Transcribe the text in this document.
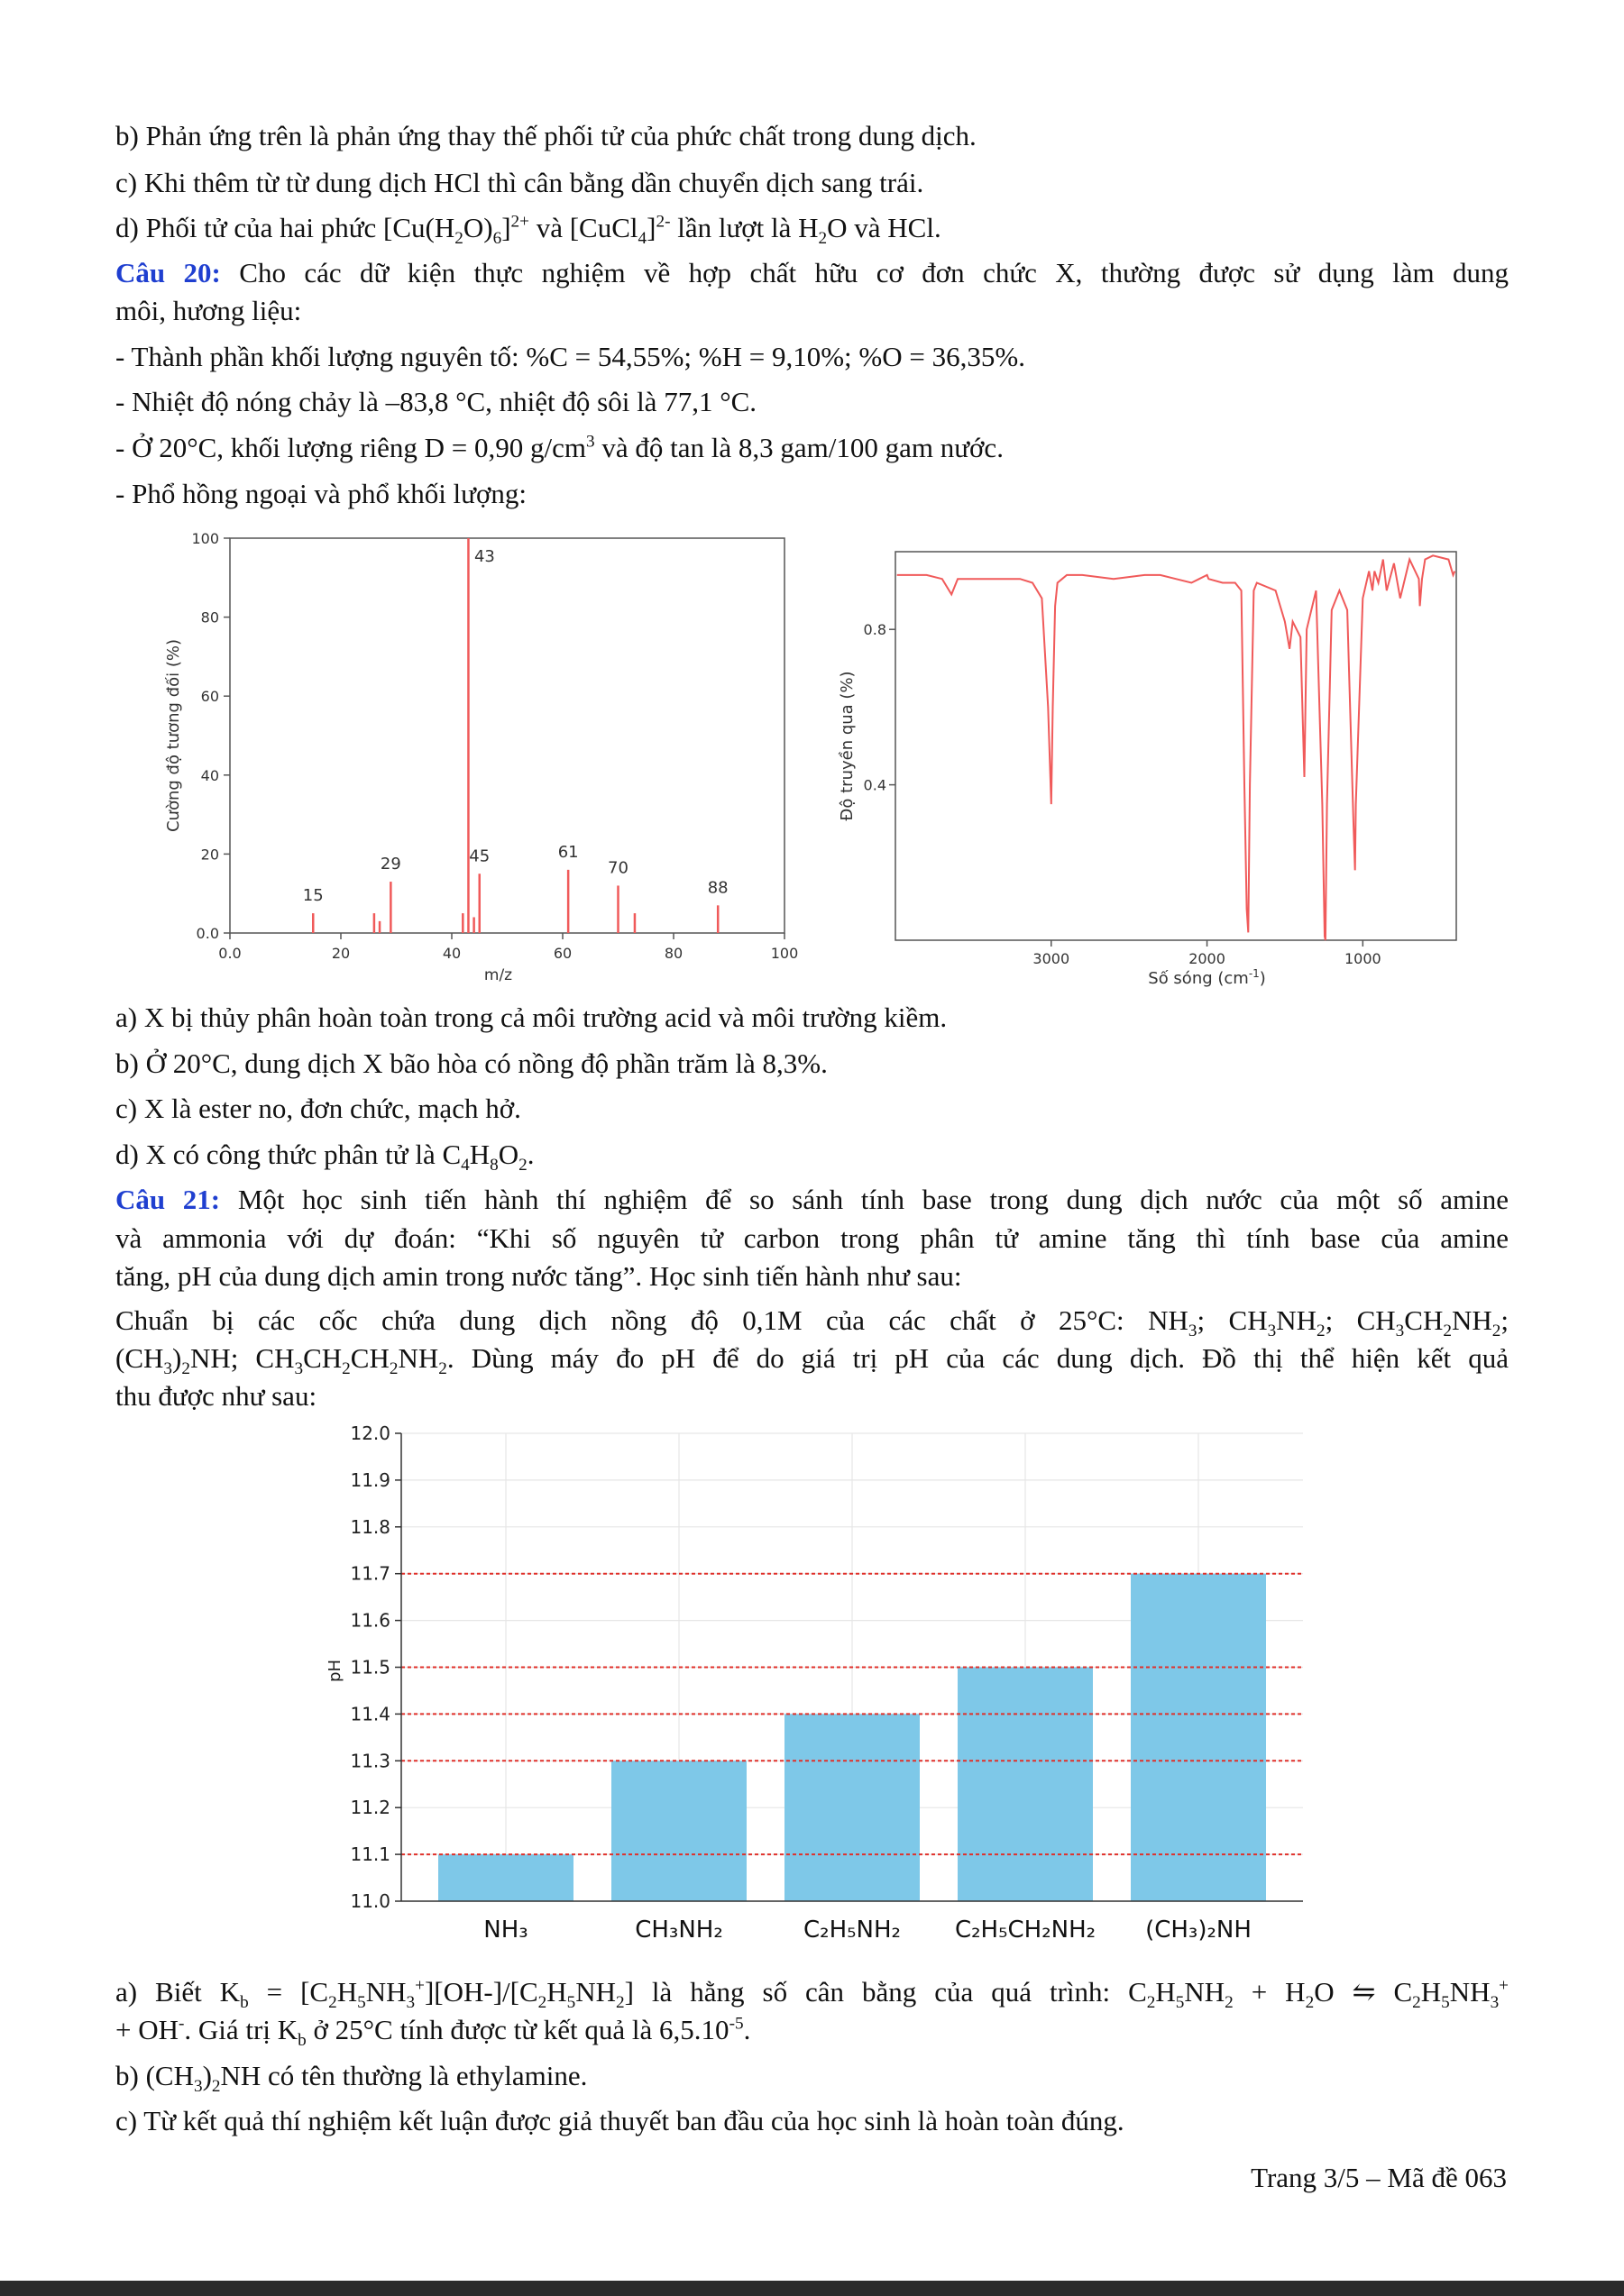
b) Phản ứng trên là phản ứng thay thế phối tử của phức chất trong dung dịch.
c) Khi thêm từ từ dung dịch HCl thì cân bằng dần chuyển dịch sang trái.
d) Phối tử của hai phức $[Cu(H_2O)_6]^{2+}$ và [CuCl$_4$]$^{2-}$ lần lượt là $H_2O$ và HCl.
Câu 20: Cho các dữ kiện thực nghiệm về hợp chất hữu cơ đơn chức X, thường được sử dụng làm dung
môi, hương liệu:
- Thành phần khối lượng nguyên tố: %C = 54,55%; %H = 9,10%; %O = 36,35%.
- Nhiệt độ nóng chảy là –83,8 °C, nhiệt độ sôi là 77,1 °C.
- Ở 20°C, khối lượng riêng D = 0,90 $g/cm^3$ và độ tan là 8,3 gam/100 gam nước.
- Phổ hồng ngoại và phổ khối lượng:
0.0
20
40
60
80
100
0.0	20	40	60	80	100
m/z
Cường độ tương đối (%)
15
29
43
45	61
70
88
0.4
0.8
3000	2000	1000
Số sóng $(cm^{-1})$
Độ truyền qua (%)
a) X bị thủy phân hoàn toàn trong cả môi trường acid và môi trường kiềm.
b) Ở 20°C, dung dịch X bão hòa có nồng độ phần trăm là 8,3%.
c) X là ester no, đơn chức, mạch hở.
d) X có công thức phân tử là $C_4H_8O_2$.
Câu 21: Một học sinh tiến hành thí nghiệm để so sánh tính base trong dung dịch nước của một số amine
và ammonia với dự đoán: “Khi số nguyên tử carbon trong phân tử amine tăng thì tính base của amine
tăng, pH của dung dịch amin trong nước tăng”. Học sinh tiến hành như sau:
Chuẩn bị các cốc chứa dung dịch nồng độ 0,1M của các chất ở 25°C: $NH_3$; $CH_3NH_2$; $CH_3CH_2NH_2$;
$(CH_3)_2NH$; $CH_3CH_2CH_2NH_2$. Dùng máy đo pH để do giá trị pH của các dung dịch. Đồ thị thể hiện kết quả
thu được như sau:
11.0
11.1
11.2
11.3
11.4
11.5
11.6
11.7
11.8
11.9
12.0
NH₃	CH₃NH₂	C₂H₅NH₂ C₂H₅CH₂NH₂ (CH₃)₂NH
pH
a) Biết $K_b = [C_2H_5NH_3^+][OH-]/[C_2H_5NH_2]$ là hằng số cân bằng của quá trình: $C_2H_5NH_2 + H_2O$ ⇋ $C_2H_5NH_3^+$
+ OH-. Giá trị $K_b$ ở 25°C tính được từ kết quả là $6,5.10^{-5}$.
b) $(CH_3)_2NH$ có tên thường là ethylamine.
c) Từ kết quả thí nghiệm kết luận được giả thuyết ban đầu của học sinh là hoàn toàn đúng.
Trang 3/5 – Mã đề 063
